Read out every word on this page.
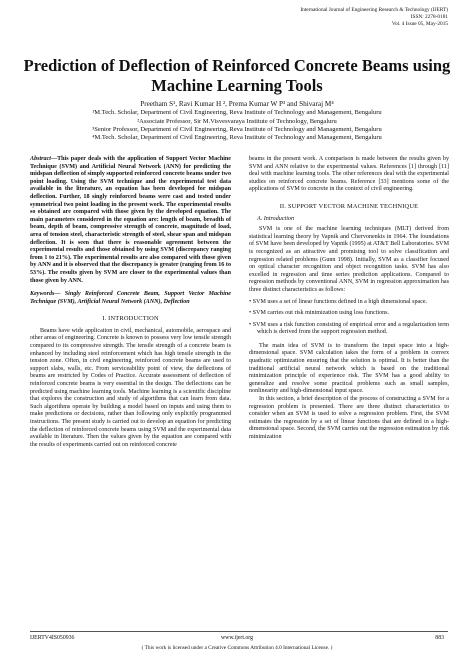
International Journal of Engineering Research & Technology (IJERT)
ISSN: 2278-0181
Vol. 4 Issue 05, May-2015
Prediction of Deflection of Reinforced Concrete Beams using Machine Learning Tools
Preetham S¹, Ravi Kumar H ², Prema Kumar W P³ and Shivaraj M⁴
¹M.Tech. Scholar, Department of Civil Engineering, Reva Institute of Technology and Management, Bengaluru
²Associate Professor, Sir M.Visvesvaraya Institute of Technology, Bengaluru
³Senior Professor, Department of Civil Engineering, Reva Institute of Technology and Management, Bengaluru
⁴M.Tech. Scholar, Department of Civil Engineering, Reva Institute of Technology and Management, Bengaluru
Abstract—This paper deals with the application of Support Vector Machine Technique (SVM) and Artificial Neural Network (ANN) for predicting the midspan deflection of simply supported reinforced concrete beams under two point loading. Using the SVM technique and the experimental test data available in the literature, an equation has been developed for midspan deflection. Further, 18 singly reinforced beams were cast and tested under symmetrical two point loading in the present work. The experimental results so obtained are compared with those given by the developed equation. The main parameters considered in the equation are: length of beam, breadth of beam, depth of beam, compressive strength of concrete, magnitude of load, area of tension steel, characteristic strength of steel, shear span and midspan deflection. It is seen that there is reasonable agreement between the experimental results and those obtained by using SVM (discrepancy ranging from 1 to 21%). The experimental results are also compared with those given by ANN and it is observed that the discrepancy is greater (ranging from 16 to 53%). The results given by SVM are closer to the experimental values than those given by ANN.
Keywords— Singly Reinforced Concrete Beam, Support Vector Machine Technique (SVM), Artificial Neural Network (ANN), Deflection
I. INTRODUCTION

Beams have wide application in civil, mechanical, automobile, aerospace and other areas of engineering. Concrete is known to possess very low tensile strength compared to its compressive strength. The tensile strength of a concrete beam is enhanced by including steel reinforcement which has high tensile strength in the tension zone. Often, in civil engineering, reinforced concrete beams are used to support slabs, walls, etc. From serviceability point of view, the deflections of beams are restricted by Codes of Practice. Accurate assessment of deflection of reinforced concrete beams is very essential in the design. The deflections can be predicted using machine learning tools. Machine learning is a scientific discipline that explores the construction and study of algorithms that can learn from data. Such algorithms operate by building a model based on inputs and using them to make predictions or decisions, rather than following only explicitly programmed instructions. The present study is carried out to develop an equation for predicting the deflection of reinforced concrete beams using SVM and the experimental data available in literature. Then the values given by the equation are compared with the results of experiments carried out on reinforced concrete

beams in the present work. A comparison is made between the results given by SVM and ANN relative to the experimental values. References [1] through [11] deal with machine learning tools. The other references deal with the experimental studies on reinforced concrete beams. Reference [33] mentions some of the applications of SVM to concrete in the context of civil engineering.

II. SUPPORT VECTOR MACHINE TECHNIQUE
A. Introduction

SVM is one of the machine learning techniques (MLT) derived from statistical learning theory by Vapnik and Chervonenkis in 1964. The foundations of SVM have been developed by Vapnik (1995) at AT&T Bell Laboratories. SVM is recognized as an attractive and promising tool to solve classification and regression related problems (Gunn 1998). Initially, SVM as a classifier focused on optical character recognition and object recognition tasks. SVM has also excelled in regression and time series prediction applications. Compared to regression methods by conventional ANN, SVM in regression approximation has three distinct characteristics as follows:

• SVM uses a set of linear functions defined in a high dimensional space.
• SVM carries out risk minimization using loss functions.
• SVM uses a risk function consisting of empirical error and a regularization term which is derived from the support regression method.

The main idea of SVM is to transform the input space into a high-dimensional space. SVM calculation takes the form of a problem in convex quadratic optimization ensuring that the solution is optimal. It is better than the traditional artificial neural network which is based on the traditional minimization principle of experience risk. The SVM has a good ability to generalize and resolve some practical problems such as small samples, nonlinearity and high-dimensional input space.

In this section, a brief description of the process of constructing a SVM for a regression problem is presented. There are three distinct characteristics to consider when an SVM is used to solve a regression problem. First, the SVM estimates the regression by a set of linear functions that are defined in a high-dimensional space. Second, the SVM carries out the regression estimation by risk minimization

IJERTV4IS050936	www.ijert.org	883
( This work is licensed under a Creative Commons Attribution 4.0 International License. )
